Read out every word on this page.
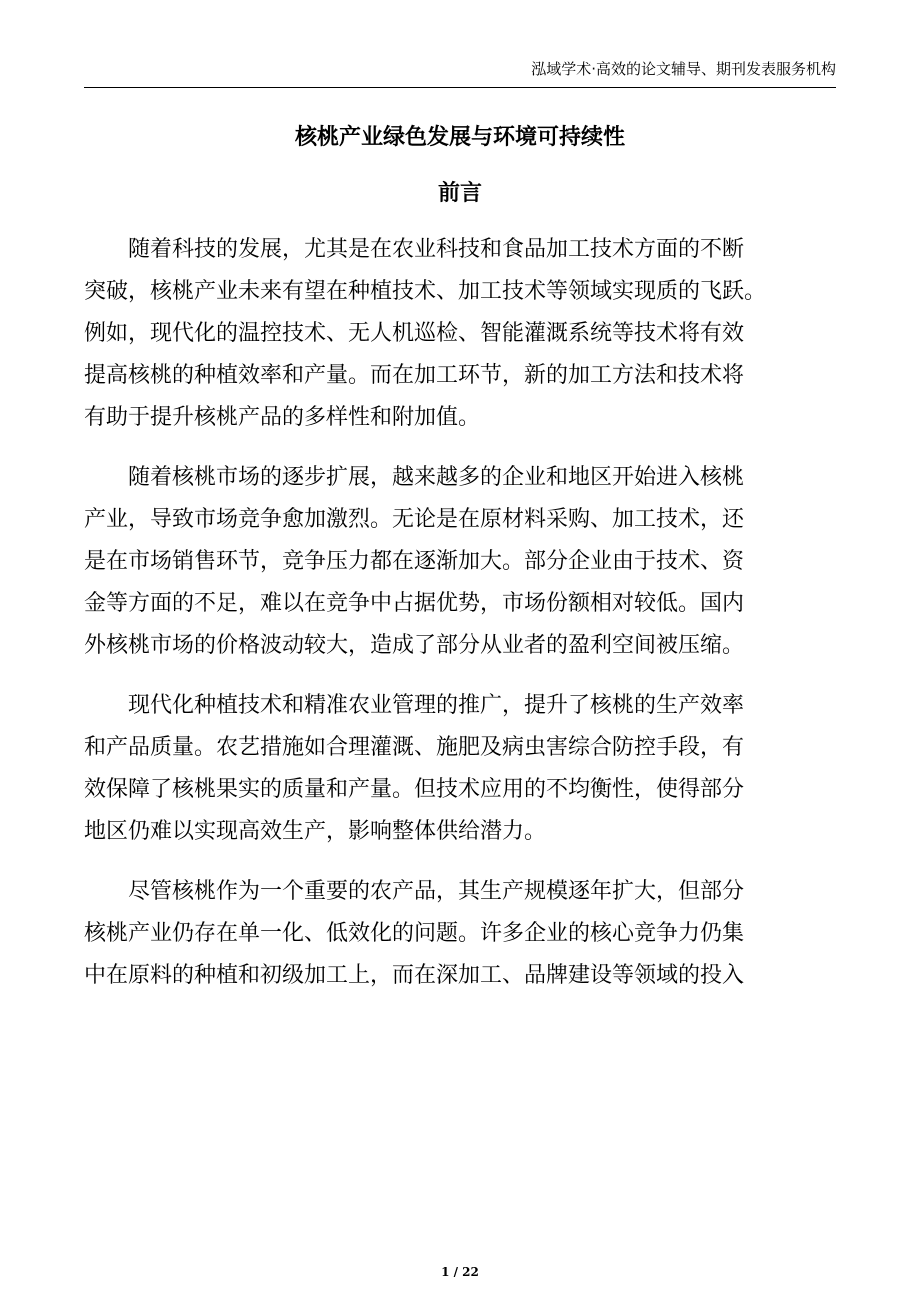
泓域学术·高效的论文辅导、期刊发表服务机构
核桃产业绿色发展与环境可持续性
前言
随着科技的发展，尤其是在农业科技和食品加工技术方面的不断
突破，核桃产业未来有望在种植技术、加工技术等领域实现质的飞跃。
例如，现代化的温控技术、无人机巡检、智能灌溉系统等技术将有效
提高核桃的种植效率和产量。而在加工环节，新的加工方法和技术将
有助于提升核桃产品的多样性和附加值。
随着核桃市场的逐步扩展，越来越多的企业和地区开始进入核桃
产业，导致市场竞争愈加激烈。无论是在原材料采购、加工技术，还
是在市场销售环节，竞争压力都在逐渐加大。部分企业由于技术、资
金等方面的不足，难以在竞争中占据优势，市场份额相对较低。国内
外核桃市场的价格波动较大，造成了部分从业者的盈利空间被压缩。
现代化种植技术和精准农业管理的推广，提升了核桃的生产效率
和产品质量。农艺措施如合理灌溉、施肥及病虫害综合防控手段，有
效保障了核桃果实的质量和产量。但技术应用的不均衡性，使得部分
地区仍难以实现高效生产，影响整体供给潜力。
尽管核桃作为一个重要的农产品，其生产规模逐年扩大，但部分
核桃产业仍存在单一化、低效化的问题。许多企业的核心竞争力仍集
中在原料的种植和初级加工上，而在深加工、品牌建设等领域的投入
1 / 22
